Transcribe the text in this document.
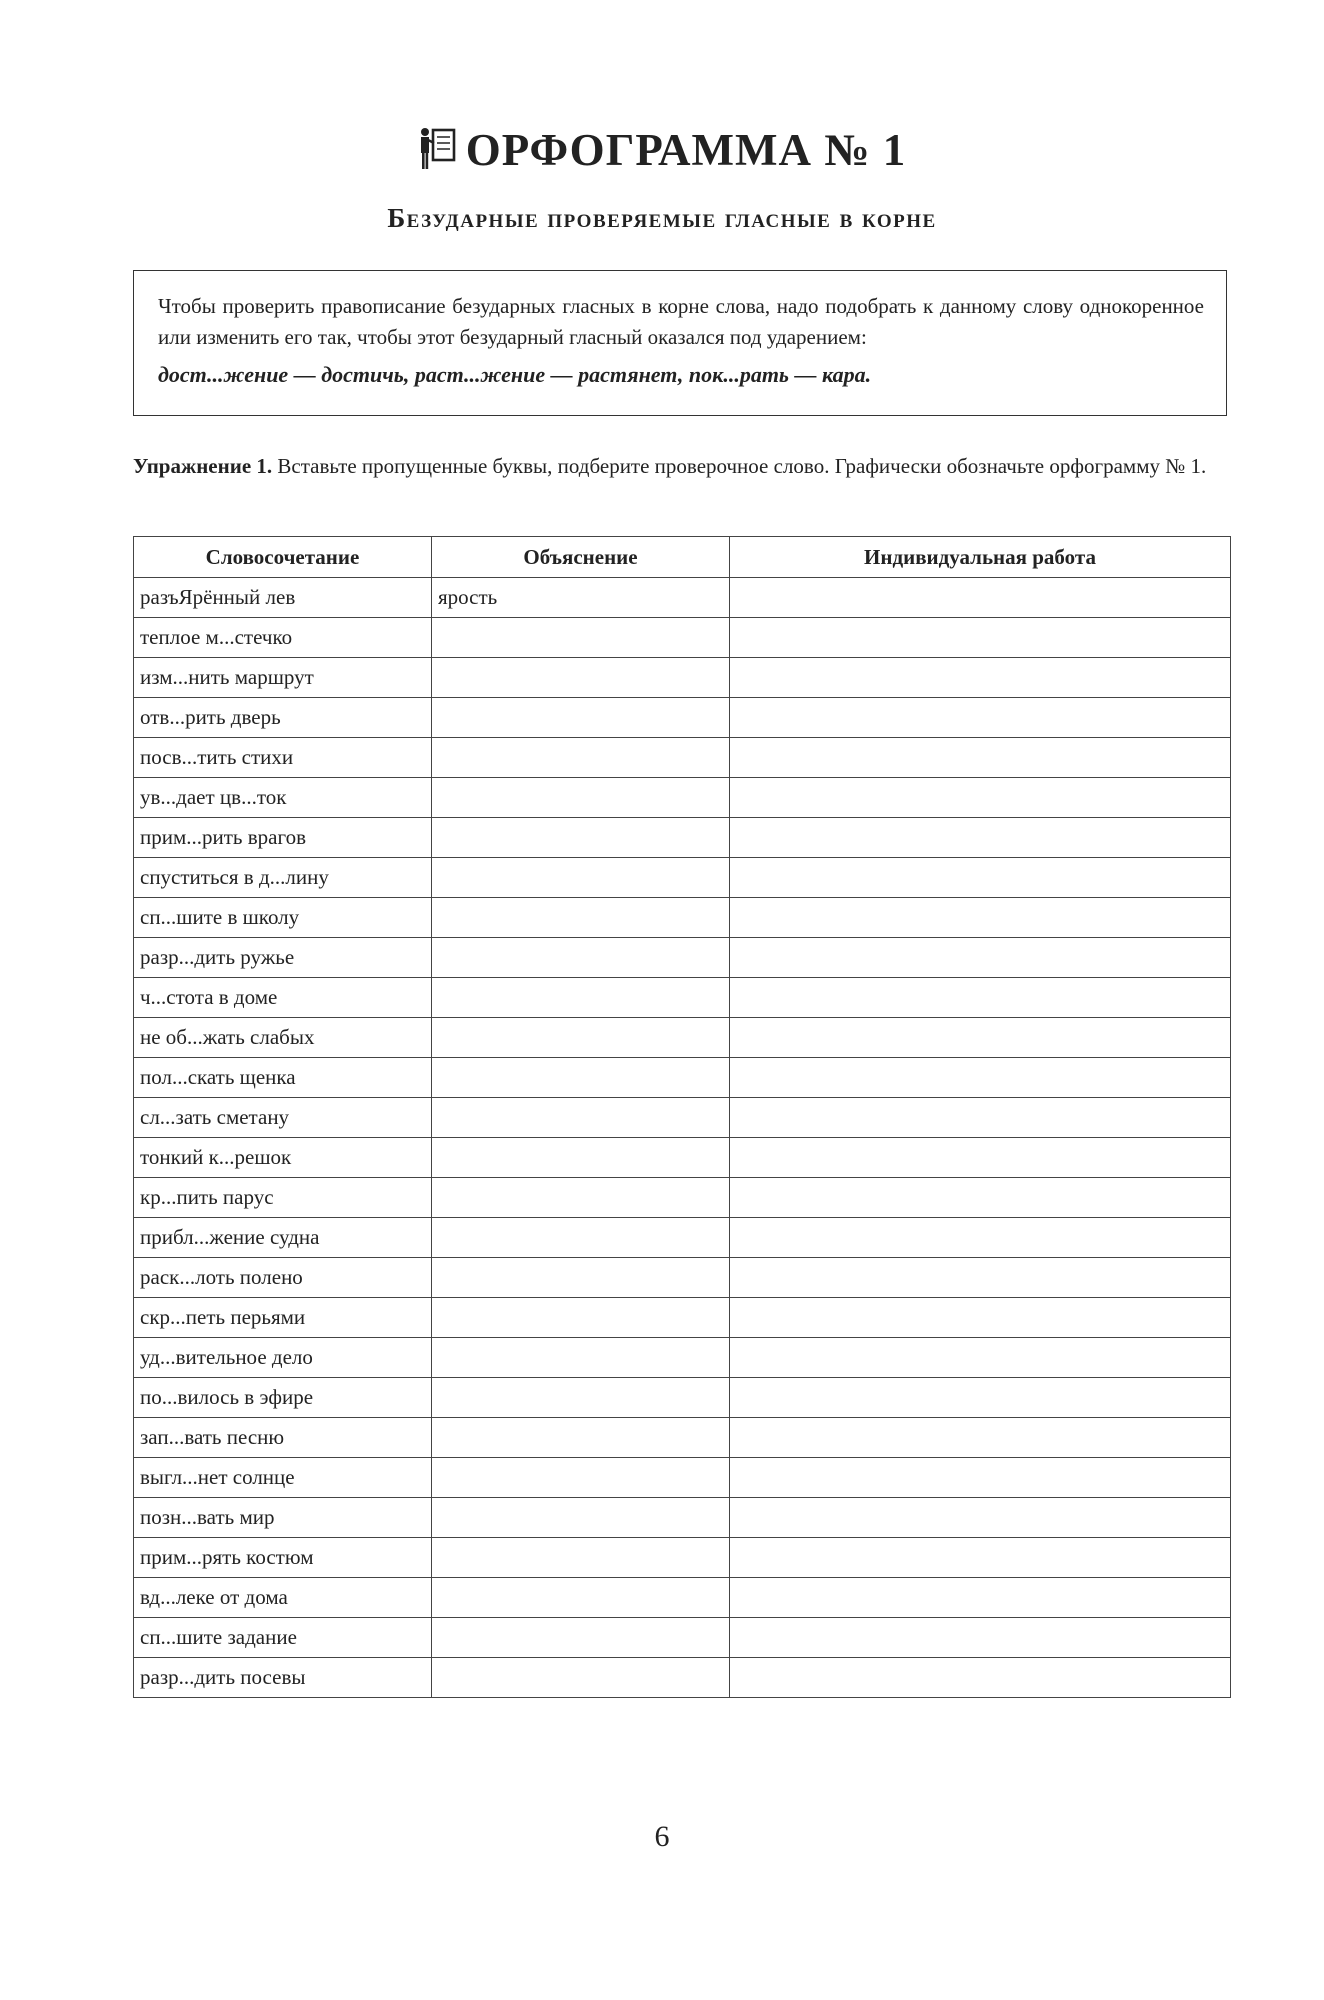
ОРФОГРАММА № 1
Безударные проверяемые гласные в корне

Чтобы проверить правописание безударных гласных в корне слова, надо подобрать к данному слову однокоренное или изменить его так, чтобы этот безударный гласный оказался под ударением:

дост...жение — достичь, раст...жение — растянет, пок...рать — кара.

Упражнение 1. Вставьте пропущенные буквы, подберите проверочное слово. Графически обозначьте орфограмму № 1.
Словосочетание	Объяснение	Индивидуальная работа
разъЯрённый лев	ярость	
теплое м...стечко		
изм...нить маршрут		
отв...рить дверь		
посв...тить стихи		
ув...дает цв...ток		
прим...рить врагов		
спуститься в д...лину		
сп...шите в школу		
разр...дить ружье		
ч...стота в доме		
не об...жать слабых		
пол...скать щенка		
сл...зать сметану		
тонкий к...решок		
кр...пить парус		
прибл...жение судна		
раск...лоть полено		
скр...петь перьями		
уд...вительное дело		
по...вилось в эфире		
зап...вать песню		
выгл...нет солнце		
позн...вать мир		
прим...рять костюм		
вд...леке от дома		
сп...шите задание		
разр...дить посевы		
6
